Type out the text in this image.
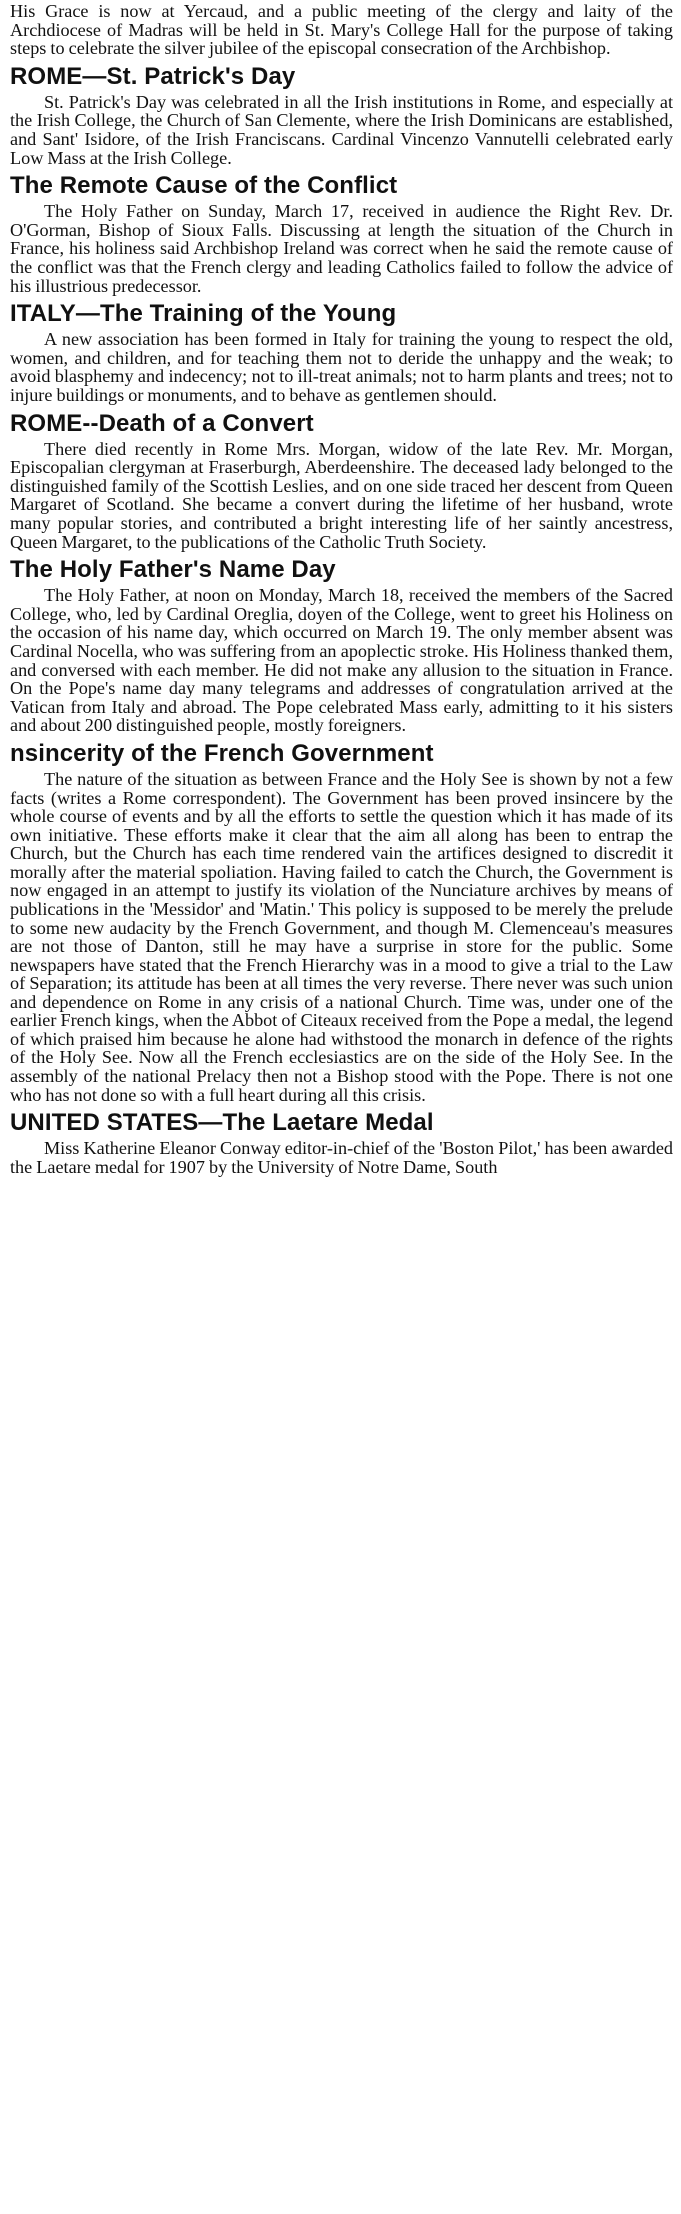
His Grace is now at Yercaud, and a public meeting of the clergy and laity of the Archdiocese of Madras will be held in St. Mary's College Hall for the purpose of taking steps to celebrate the silver jubilee of the episcopal consecration of the Archbishop.

ROME—St. Patrick's Day

St. Patrick's Day was celebrated in all the Irish institutions in Rome, and especially at the Irish College, the Church of San Clemente, where the Irish Dominicans are established, and Sant' Isidore, of the Irish Franciscans. Cardinal Vincenzo Vannutelli celebrated early Low Mass at the Irish College.

The Remote Cause of the Conflict

The Holy Father on Sunday, March 17, received in audience the Right Rev. Dr. O'Gorman, Bishop of Sioux Falls. Discussing at length the situation of the Church in France, his holiness said Archbishop Ireland was correct when he said the remote cause of the conflict was that the French clergy and leading Catholics failed to follow the advice of his illustrious predecessor.

ITALY—The Training of the Young

A new association has been formed in Italy for training the young to respect the old, women, and children, and for teaching them not to deride the unhappy and the weak; to avoid blasphemy and indecency; not to ill-treat animals; not to harm plants and trees; not to injure buildings or monuments, and to behave as gentlemen should.

ROME--Death of a Convert

There died recently in Rome Mrs. Morgan, widow of the late Rev. Mr. Morgan, Episcopalian clergyman at Fraserburgh, Aberdeenshire. The deceased lady belonged to the distinguished family of the Scottish Leslies, and on one side traced her descent from Queen Margaret of Scotland. She became a convert during the lifetime of her husband, wrote many popular stories, and contributed a bright interesting life of her saintly ancestress, Queen Margaret, to the publications of the Catholic Truth Society.

The Holy Father's Name Day

The Holy Father, at noon on Monday, March 18, received the members of the Sacred College, who, led by Cardinal Oreglia, doyen of the College, went to greet his Holiness on the occasion of his name day, which occurred on March 19. The only member absent was Cardinal Nocella, who was suffering from an apoplectic stroke. His Holiness thanked them, and conversed with each member. He did not make any allusion to the situation in France. On the Pope's name day many telegrams and addresses of congratulation arrived at the Vatican from Italy and abroad. The Pope celebrated Mass early, admitting to it his sisters and about 200 distinguished people, mostly foreigners.

nsincerity of the French Government

The nature of the situation as between France and the Holy See is shown by not a few facts (writes a Rome correspondent). The Government has been proved insincere by the whole course of events and by all the efforts to settle the question which it has made of its own initiative. These efforts make it clear that the aim all along has been to entrap the Church, but the Church has each time rendered vain the artifices designed to discredit it morally after the material spoliation. Having failed to catch the Church, the Government is now engaged in an attempt to justify its violation of the Nunciature archives by means of publications in the 'Messidor' and 'Matin.' This policy is supposed to be merely the prelude to some new audacity by the French Government, and though M. Clemenceau's measures are not those of Danton, still he may have a surprise in store for the public. Some newspapers have stated that the French Hierarchy was in a mood to give a trial to the Law of Separation; its attitude has been at all times the very reverse. There never was such union and dependence on Rome in any crisis of a national Church. Time was, under one of the earlier French kings, when the Abbot of Citeaux received from the Pope a medal, the legend of which praised him because he alone had withstood the monarch in defence of the rights of the Holy See. Now all the French ecclesiastics are on the side of the Holy See. In the assembly of the national Prelacy then not a Bishop stood with the Pope. There is not one who has not done so with a full heart during all this crisis.

UNITED STATES—The Laetare Medal

Miss Katherine Eleanor Conway editor-in-chief of the 'Boston Pilot,' has been awarded the Laetare medal for 1907 by the University of Notre Dame, South
